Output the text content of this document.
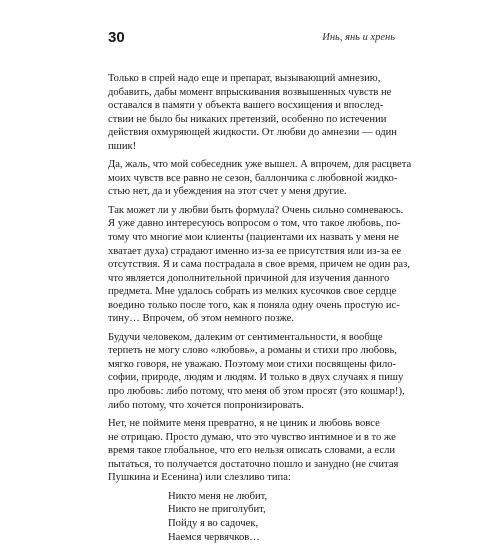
30	Инь, янь и хрень

Только в спрей надо еще и препарат, вызывающий амнезию,
добавить, дабы момент впрыскивания возвышенных чувств не
оставался в памяти у объекта вашего восхищения и впослед-
ствии не было бы никаких претензий, особенно по истечении
действия охмуряющей жидкости. От любви до амнезии — один
пшик!

Да, жаль, что мой собеседник уже вышел. А впрочем, для расцвета
моих чувств все равно не сезон, баллончика с любовной жидко-
стью нет, да и убеждения на этот счет у меня другие.

Так может ли у любви быть формула? Очень сильно сомневаюсь.
Я уже давно интересуюсь вопросом о том, что такое любовь, по-
тому что многие мои клиенты (пациентами их назвать у меня не
хватает духа) страдают именно из-за ее присутствия или из-за ее
отсутствия. Я и сама пострадала в свое время, причем не один раз,
что является дополнительной причиной для изучения данного
предмета. Мне удалось собрать из мелких кусочков свое сердце
воедино только после того, как я поняла одну очень простую ис-
тину… Впрочем, об этом немного позже.

Будучи человеком, далеким от сентиментальности, я вообще
терпеть не могу слово «любовь», а романы и стихи про любовь,
мягко говоря, не уважаю. Поэтому мои стихи посвящены фило-
софии, природе, людям и людям. И только в двух случаях я пишу
про любовь: либо потому, что меня об этом просят (это кошмар!),
либо потому, что хочется попронизировать.

Нет, не поймите меня превратно, я не циник и любовь вовсе
не отрицаю. Просто думаю, что это чувство интимное и в то же
время такое глобальное, что его нельзя описать словами, а если
пытаться, то получается достаточно пошло и занудно (не считая
Пушкина и Есенина) или слезливо типа:

Никто меня не любит,
Никто не приголубит,
Пойду я во садочек,
Наемся червячков…
